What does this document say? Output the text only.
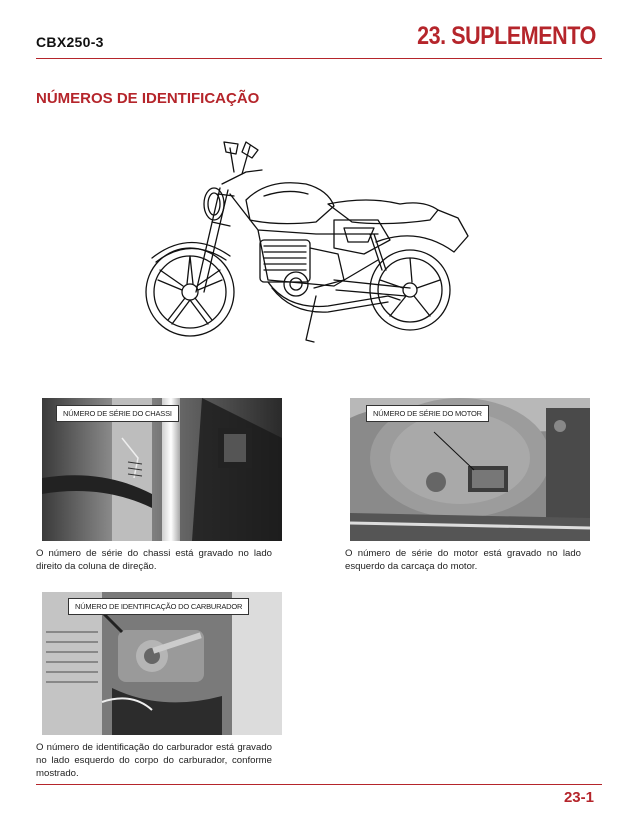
CBX250-3	23. SUPLEMENTO
NÚMEROS DE IDENTIFICAÇÃO
NÚMERO DE SÉRIE DO CHASSI	NÚMERO DE SÉRIE DO MOTOR
O número de série do chassi está gravado no lado direito da coluna de direção.
O número de série do motor está gravado no lado esquerdo da carcaça do motor.
NÚMERO DE IDENTIFICAÇÃO DO CARBURADOR
O número de identificação do carburador está gravado no lado esquerdo do corpo do carburador, conforme mostrado.
23-1
